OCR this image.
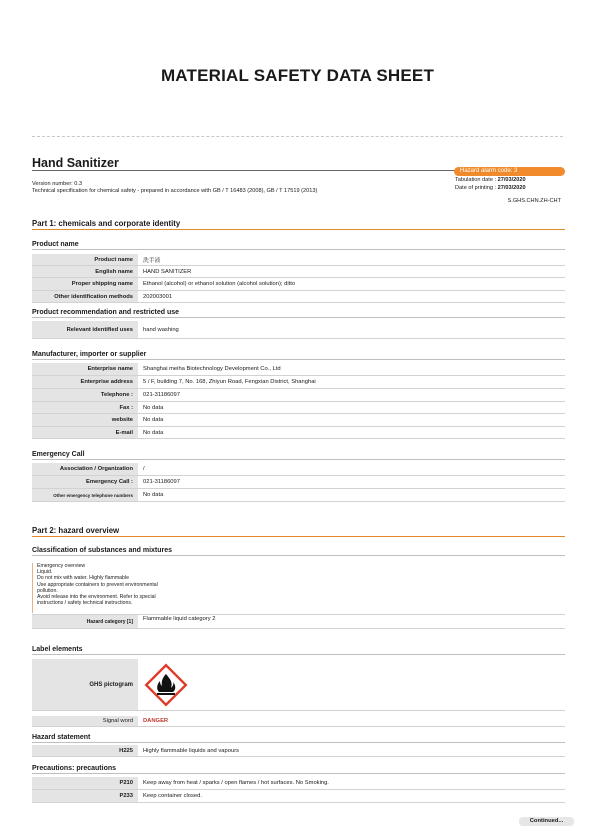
MATERIAL SAFETY DATA SHEET
Hand Sanitizer
Version number: 0.3
Technical specification for chemical safety - prepared in accordance with GB / T 16483 (2008), GB / T 17519 (2013)
Hazard alarm code: 3
Tabulation date : 27/03/2020
Date of printing : 27/03/2020
S.GHS.CHN.ZH-CHT
Part 1: chemicals and corporate identity
Product name
Product name	洗手液
English name	HAND SANITIZER
Proper shipping name	Ethanol (alcohol) or ethanol solution (alcohol solution); ditto
Other identification methods	202003001
Product recommendation and restricted use
Relevant identified uses	hand washing
Manufacturer, importer or supplier
Enterprise name	Shanghai meiha Biotechnology Development Co., Ltd
Enterprise address	5 / F, building 7, No. 168, Zhiyun Road, Fengxian District, Shanghai
Telephone :	021-31186097
Fax :	No data
website	No data
E-mail	No data
Emergency Call
Association / Organization	/
Emergency Call :	021-31186097
Other emergency telephone numbers	No data
Part 2: hazard overview
Classification of substances and mixtures
Emergency overview
Liquid.
Do not mix with water. Highly flammable
Use appropriate containers to prevent environmental
pollution.
Avoid release into the environment. Refer to special
instructions / safety technical instructions.
Hazard category [1]	Flammable liquid category 2
Label elements
GHS pictogram
Signal word	DANGER
Hazard statement
H225	Highly flammable liquids and vapours
Precautions: precautions
P210	Keep away from heat / sparks / open flames / hot surfaces. No Smoking.
P233	Keep container closed.
Continued...
